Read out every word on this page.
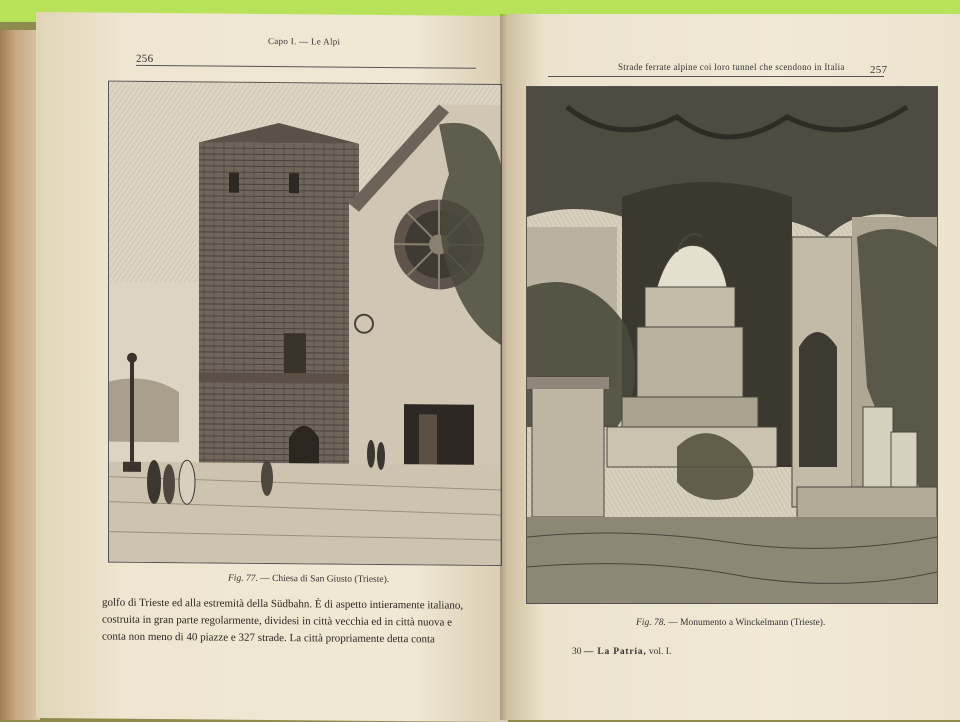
256
Capo I. — Le Alpi
Fig. 77. — Chiesa di San Giusto (Trieste).
golfo di Trieste ed alla estremità della Südbahn. È di aspetto intieramente italiano,
costruita in gran parte regolarmente, dividesi in città vecchia ed in città nuova e
conta non meno di 40 piazze e 327 strade. La città propriamente detta conta
Strade ferrate alpine coi loro tunnel che scendono in Italia 257
Fig. 78. — Monumento a Winckelmann (Trieste).
30 — La Patria, vol. I.
